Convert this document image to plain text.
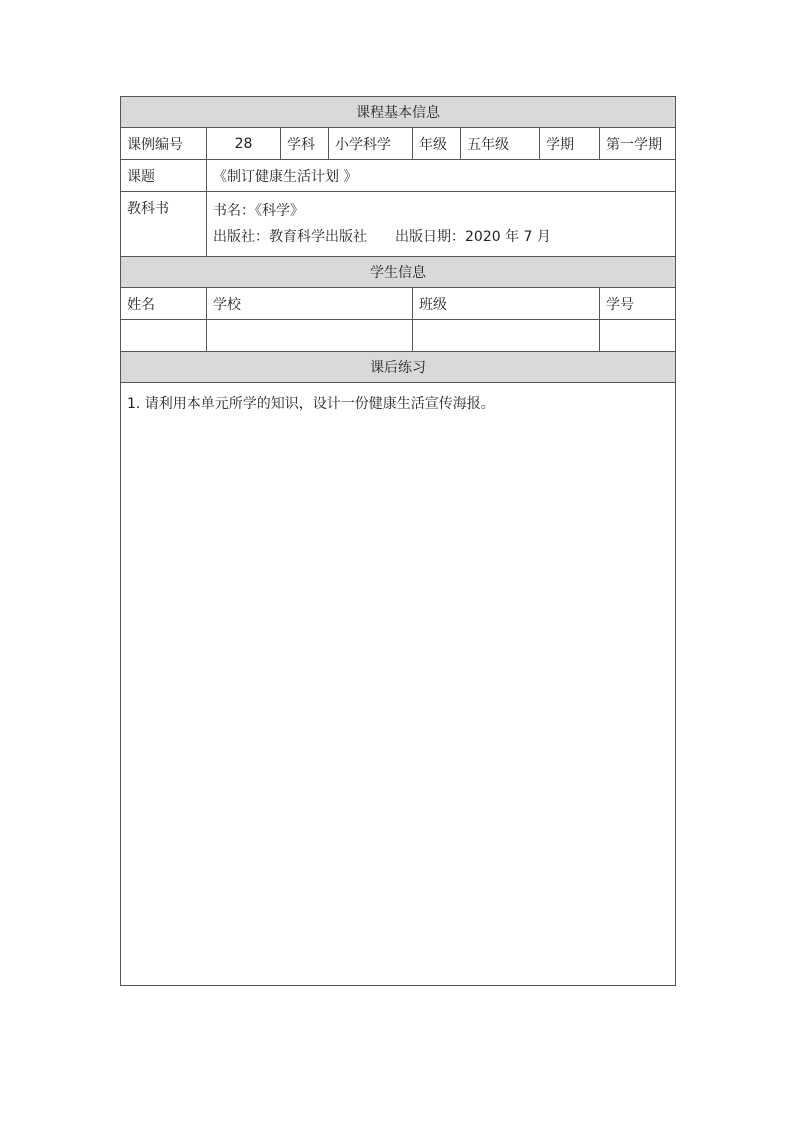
课程基本信息							
课例编号	28	学科	小学科学	年级	五年级	学期	第一学期
课题	《制订健康生活计划 》						
教科书	书名：《科学》
出版社：教育科学出版社 出版日期：2020 年 7 月						

学生信息							
姓名	学校			班级			学号

课后练习							

1. 请利用本单元所学的知识，设计一份健康生活宣传海报。							
